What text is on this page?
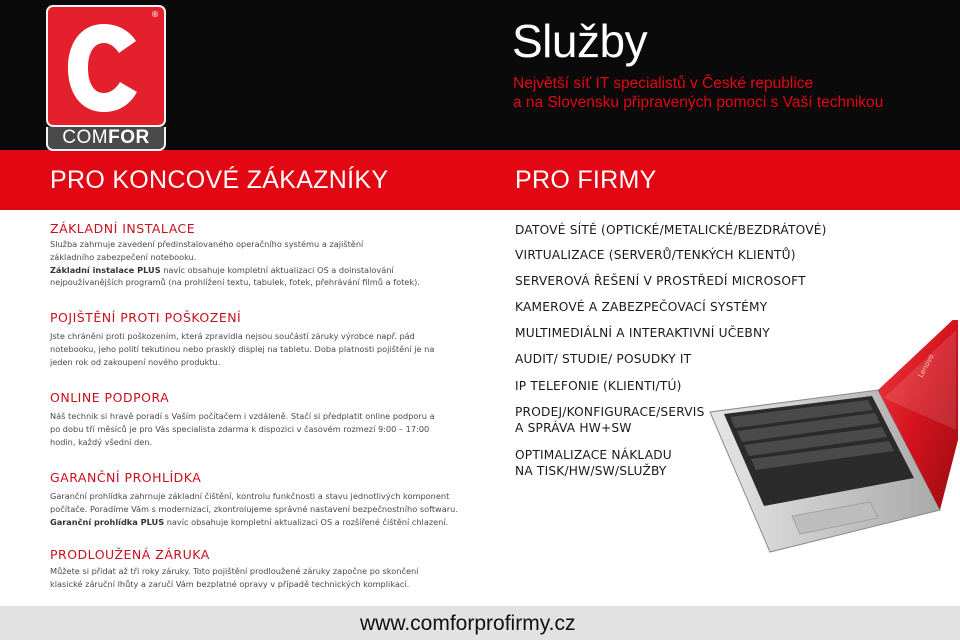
®
COMFOR
Služby
Největší síť IT specialistů v České republice
a na Slovensku připravených pomoci s Vaší technikou
PRO KONCOVÉ ZÁKAZNÍKY	PRO FIRMY
ZÁKLADNÍ INSTALACE
Služba zahrnuje zavedení předinstalovaného operačního systému a zajištění
základního zabezpečení notebooku.
Základní instalace PLUS navíc obsahuje kompletní aktualizaci OS a doinstalování
nejpoužívanějších programů (na prohlížení textu, tabulek, fotek, přehrávání filmů a fotek).
POJIŠTĚNÍ PROTI POŠKOZENÍ
Jste chráněni proti poškozením, která zpravidla nejsou součástí záruky výrobce např. pád
notebooku, jeho polití tekutinou nebo prasklý displej na tabletu. Doba platnosti pojištění je na
jeden rok od zakoupení nového produktu.
ONLINE PODPORA
Náš technik si hravě poradí s Vaším počítačem i vzdáleně. Stačí si předplatit online podporu a
po dobu tří měsíců je pro Vás specialista zdarma k dispozici v časovém rozmezí 9:00 – 17:00
hodin, každý všední den.
GARANČNÍ PROHLÍDKA
Garanční prohlídka zahrnuje základní čištění, kontrolu funkčnosti a stavu jednotlivých komponent
počítače. Poradíme Vám s modernizací, zkontrolujeme správné nastavení bezpečnostního softwaru.
Garanční prohlídka PLUS navíc obsahuje kompletní aktualizaci OS a rozšířené čištění chlazení.
PRODLOUŽENÁ ZÁRUKA
Můžete si přidat až tři roky záruky. Toto pojištění prodloužené záruky započne po skončení
klasické záruční lhůty a zaručí Vám bezplatné opravy v případě technických komplikací.
DATOVÉ SÍTĚ (OPTICKÉ/METALICKÉ/BEZDRÁTOVÉ)
VIRTUALIZACE (SERVERŮ/TENKÝCH KLIENTŮ)
SERVEROVÁ ŘEŠENÍ V PROSTŘEDÍ MICROSOFT
KAMEROVÉ A ZABEZPEČOVACÍ SYSTÉMY
MULTIMEDIÁLNÍ A INTERAKTIVNÍ UČEBNY
AUDIT/ STUDIE/ POSUDKY IT
IP TELEFONIE (KLIENTI/TÚ)
PRODEJ/KONFIGURACE/SERVIS
A SPRÁVA HW+SW
OPTIMALIZACE NÁKLADU
NA TISK/HW/SW/SLUŽBY
Lenovo
www.comforprofirmy.cz
